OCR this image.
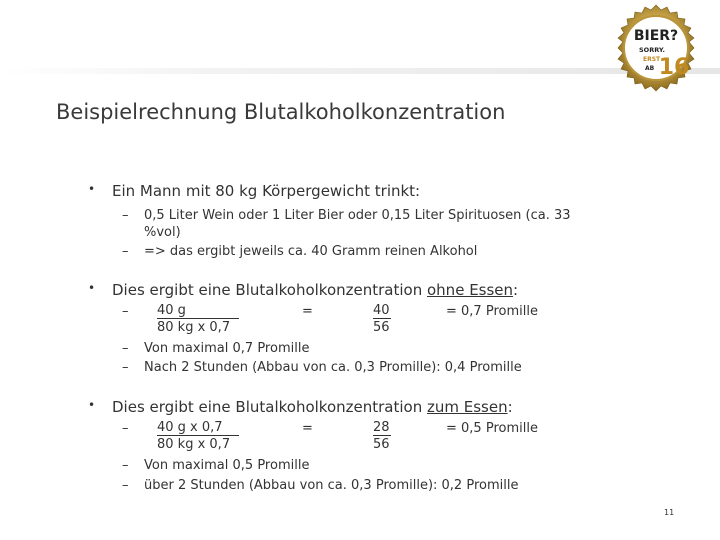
BIER?
SORRY.
ERST
AB 16
Beispielrechnung Blutalkoholkonzentration
• Ein Mann mit 80 kg Körpergewicht trinkt:
– 0,5 Liter Wein oder 1 Liter Bier oder 0,15 Liter Spirituosen (ca. 33
%vol)
– => das ergibt jeweils ca. 40 Gramm reinen Alkohol
• Dies ergibt eine Blutalkoholkonzentration ohne Essen:
– 40 g
80 kg x 0,7
=	40
56
= 0,7 Promille
– Von maximal 0,7 Promille
– Nach 2 Stunden (Abbau von ca. 0,3 Promille): 0,4 Promille
• Dies ergibt eine Blutalkoholkonzentration zum Essen:
– 40 g x 0,7
80 kg x 0,7
=	28
56
= 0,5 Promille
– Von maximal 0,5 Promille
– über 2 Stunden (Abbau von ca. 0,3 Promille): 0,2 Promille
11
